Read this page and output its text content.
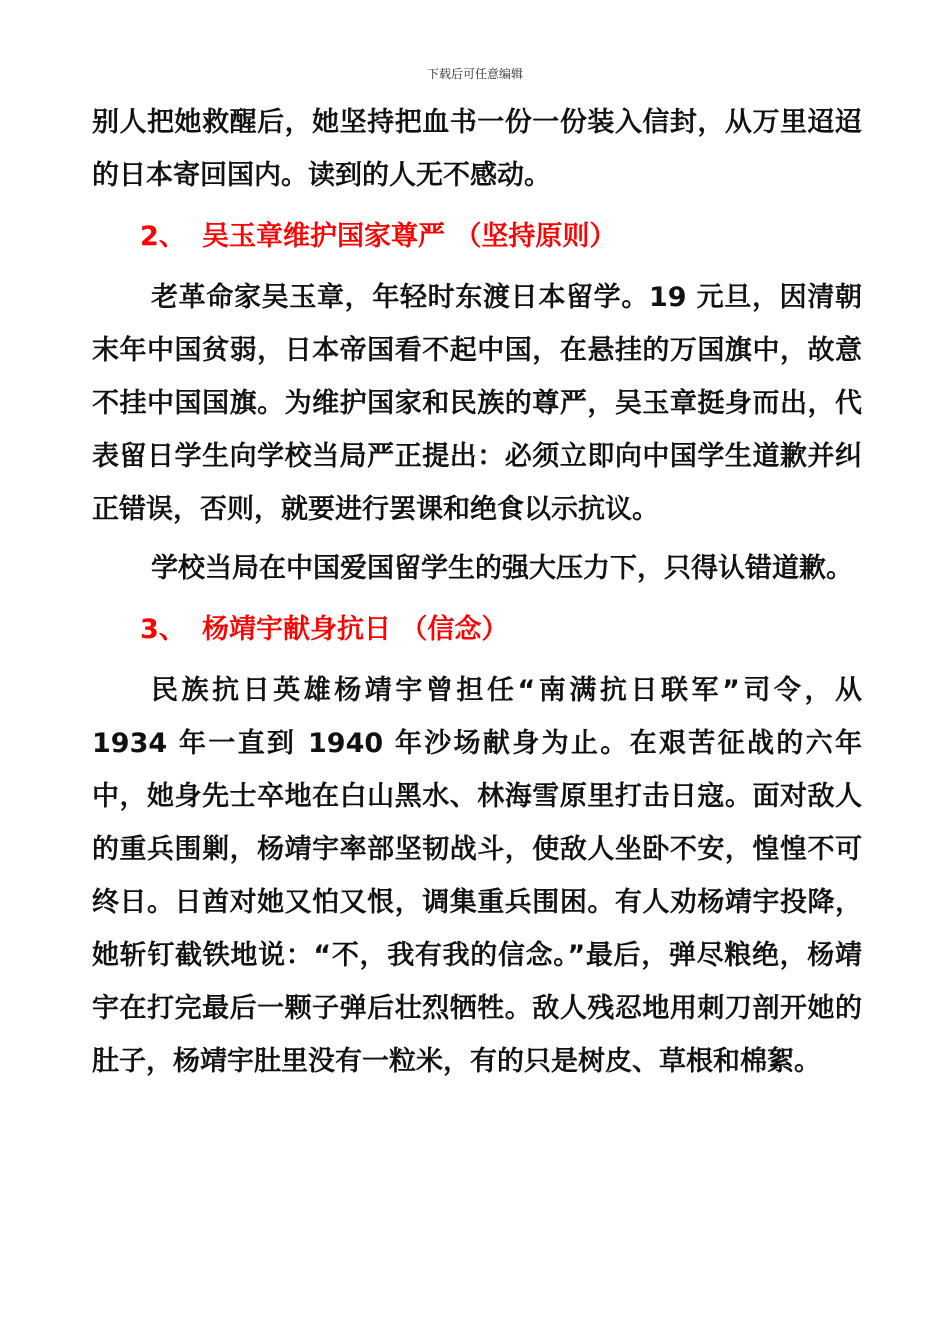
下载后可任意编辑

别人把她救醒后，她坚持把血书一份一份装入信封，从万里迢迢的日本寄回国内。读到的人无不感动。

2、 吴玉章维护国家尊严 （坚持原则）

老革命家吴玉章，年轻时东渡日本留学。19 元旦，因清朝末年中国贫弱，日本帝国看不起中国，在悬挂的万国旗中，故意不挂中国国旗。为维护国家和民族的尊严，吴玉章挺身而出，代表留日学生向学校当局严正提出：必须立即向中国学生道歉并纠正错误，否则，就要进行罢课和绝食以示抗议。

学校当局在中国爱国留学生的强大压力下，只得认错道歉。

3、 杨靖宇献身抗日 （信念）

民族抗日英雄杨靖宇曾担任“南满抗日联军”司令，从 1934 年一直到 1940 年沙场献身为止。在艰苦征战的六年中，她身先士卒地在白山黑水、林海雪原里打击日寇。面对敌人的重兵围剿，杨靖宇率部坚韧战斗，使敌人坐卧不安，惶惶不可终日。日酋对她又怕又恨，调集重兵围困。有人劝杨靖宇投降，她斩钉截铁地说：“不，我有我的信念。”最后，弹尽粮绝，杨靖宇在打完最后一颗子弹后壮烈牺牲。敌人残忍地用刺刀剖开她的肚子，杨靖宇肚里没有一粒米，有的只是树皮、草根和棉絮。
